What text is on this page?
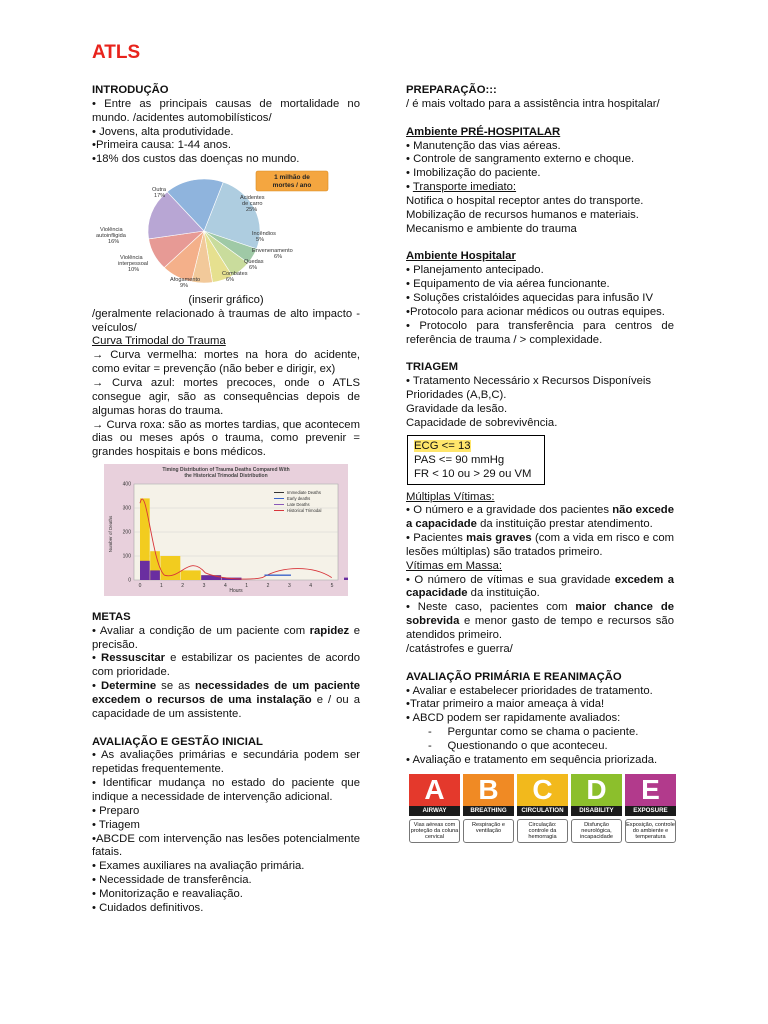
ATLS

INTRODUÇÃO

• Entre as principais causas de mortalidade no mundo. /acidentes automobilísticos/

• Jovens, alta produtividade.

•Primeira causa: 1-44 anos.

•18% dos custos das doenças no mundo.

1 milhão de
mortes / ano
Acidentes
de carro
25%
Incêndios
5%
Envenenamento
6%
Quedas
6%
Combates
6%
Afogamento
9%
Violência
interpessoal
10%
Violência
autoinfligida
16%
Outra
17%

(inserir gráfico)

/geralmente relacionado à traumas de alto impacto - veículos/

Curva Trimodal do Trauma

→ Curva vermelha: mortes na hora do acidente, como evitar = prevenção (não beber e dirigir, ex)

→ Curva azul: mortes precoces, onde o ATLS consegue agir, são as consequências depois de algumas horas do trauma.

→ Curva roxa: são as mortes tardias, que acontecem dias ou meses após o trauma, como prevenir = grandes hospitais e bons médicos.

Timing Distribution of Trauma Deaths Compared With
the Historical Trimodal Distribution
400
300
200
100
0
0	1	2	3	4	1	2	3	4	5
Number of Deaths
Hours
Immediate Deaths
Early deaths
Late Deaths
Historical Trimodal

METAS

• Avaliar a condição de um paciente com rapidez e precisão.

• Ressuscitar e estabilizar os pacientes de acordo com prioridade.

• Determine se as necessidades de um paciente excedem o recursos de uma instalação e / ou a capacidade de um assistente.

AVALIAÇÃO E GESTÃO INICIAL

• As avaliações primárias e secundária podem ser repetidas frequentemente.

• Identificar mudança no estado do paciente que indique a necessidade de intervenção adicional.

• Preparo

• Triagem

•ABCDE com intervenção nas lesões potencialmente fatais.

• Exames auxiliares na avaliação primária.

• Necessidade de transferência.

• Monitorização e reavaliação.

• Cuidados definitivos.

PREPARAÇÃO:::

/ é mais voltado para a assistência intra hospitalar/

Ambiente PRÉ-HOSPITALAR

• Manutenção das vias aéreas.

• Controle de sangramento externo e choque.

• Imobilização do paciente.

• Transporte imediato:

Notifica o hospital receptor antes do transporte.

Mobilização de recursos humanos e materiais.

Mecanismo e ambiente do trauma

Ambiente Hospitalar

• Planejamento antecipado.

• Equipamento de via aérea funcionante.

• Soluções cristalóides aquecidas para infusão IV

•Protocolo para acionar médicos ou outras equipes.

• Protocolo para transferência para centros de referência de trauma / > complexidade.

TRIAGEM

• Tratamento Necessário x Recursos Disponíveis

Prioridades (A,B,C).

Gravidade da lesão.

Capacidade de sobrevivência.

ECG <= 13
PAS <= 90 mmHg
FR < 10 ou > 29 ou VM

Múltiplas Vítimas:

• O número e a gravidade dos pacientes não excede a capacidade da instituição prestar atendimento.

• Pacientes mais graves (com a vida em risco e com lesões múltiplas) são tratados primeiro.

Vítimas em Massa:

• O número de vítimas e sua gravidade excedem a capacidade da instituição.

• Neste caso, pacientes com maior chance de sobrevida e menor gasto de tempo e recursos são atendidos primeiro.

/catástrofes e guerra/

AVALIAÇÃO PRIMÁRIA E REANIMAÇÃO

• Avaliar e estabelecer prioridades de tratamento.

•Tratar primeiro a maior ameaça à vida!

• ABCD podem ser rapidamente avaliados:

-     Perguntar como se chama o paciente.

-     Questionando o que aconteceu.

• Avaliação e tratamento em sequência priorizada.

A
AIRWAY
Vias aéreas com proteção da coluna cervical
B
BREATHING
Respiração e ventilação
C
CIRCULATION
Circulação: controle da hemorragia
D
DISABILITY
Disfunção neurológica, incapacidade
E
EXPOSURE
Exposição, controle do ambiente e temperatura
